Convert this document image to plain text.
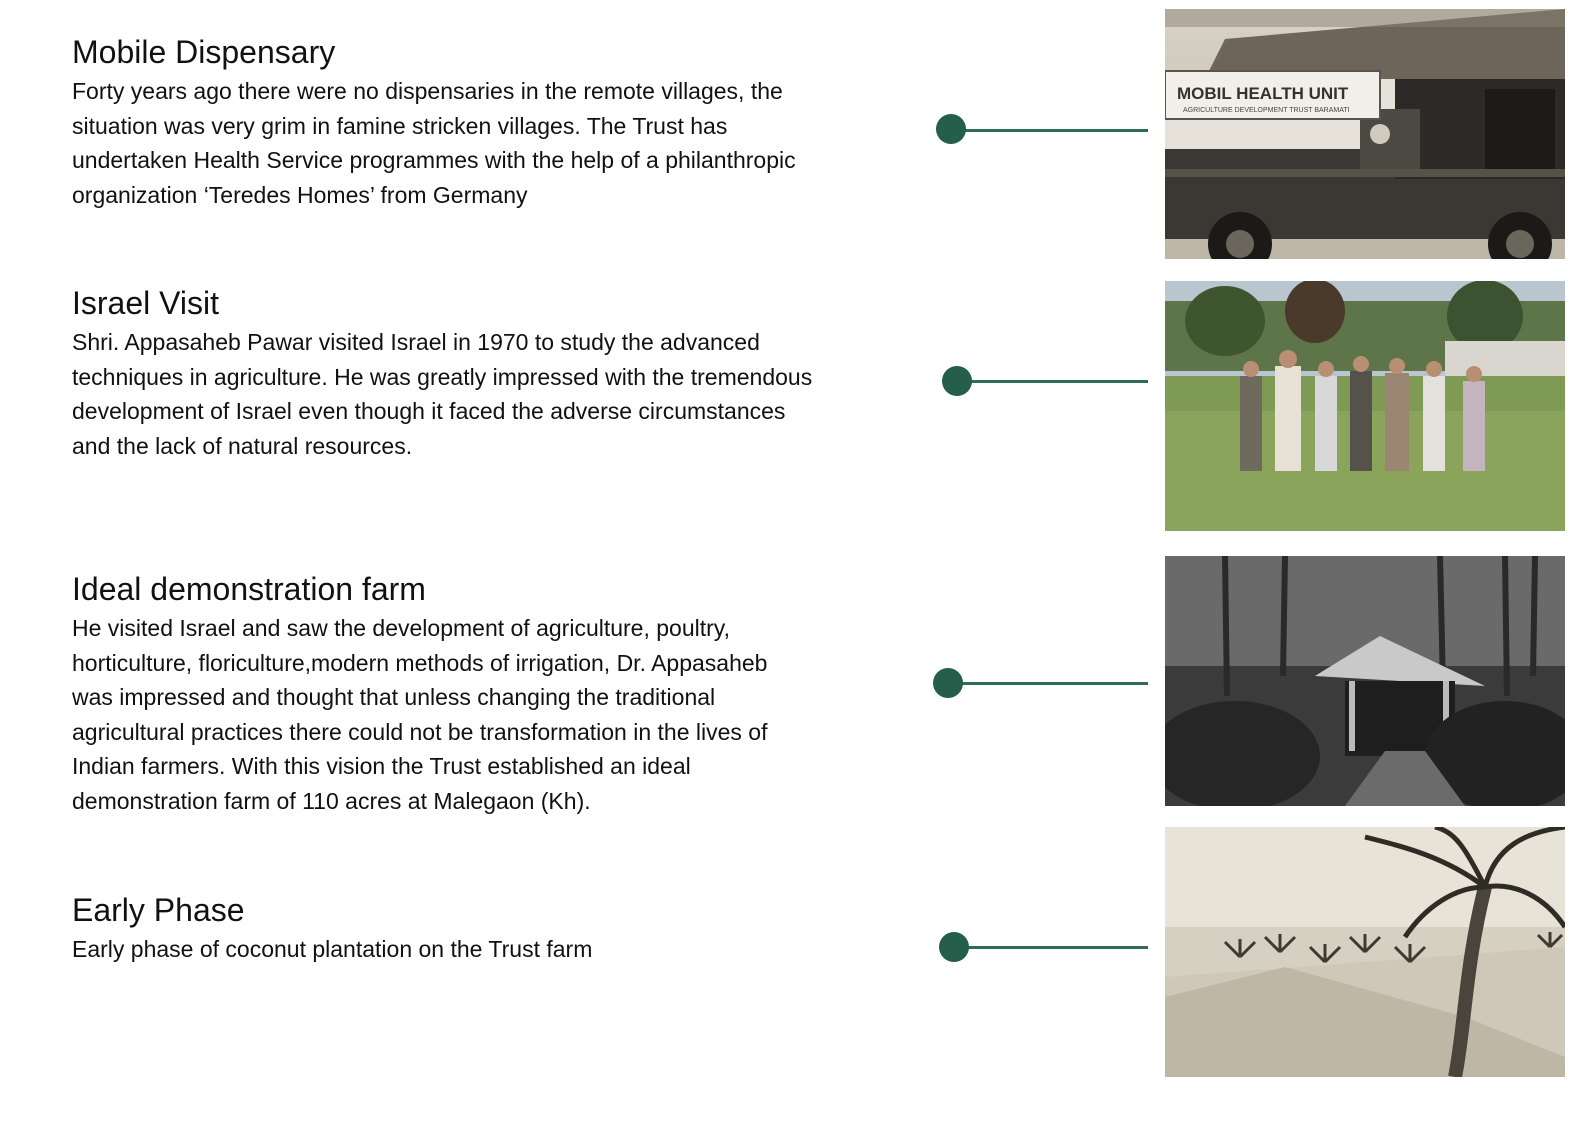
Mobile Dispensary

Forty years ago there were no dispensaries in the remote villages, the
situation was very grim in famine stricken villages. The Trust has
undertaken Health Service programmes with the help of a philanthropic
organization ‘Teredes Homes’ from Germany

MOBIL HEALTH UNIT
AGRICULTURE DEVELOPMENT TRUST BARAMATI
Israel Visit

Shri. Appasaheb Pawar visited Israel in 1970 to study the advanced
techniques in agriculture. He was greatly impressed with the tremendous
development of Israel even though it faced the adverse circumstances
and the lack of natural resources.

Ideal demonstration farm

He visited Israel and saw the development of agriculture, poultry,
horticulture, floriculture,modern methods of irrigation, Dr. Appasaheb
was impressed and thought that unless changing the traditional
agricultural practices there could not be transformation in the lives of
Indian farmers. With this vision the Trust established an ideal
demonstration farm of 110 acres at Malegaon (Kh).

Early Phase

Early phase of coconut plantation on the Trust farm
